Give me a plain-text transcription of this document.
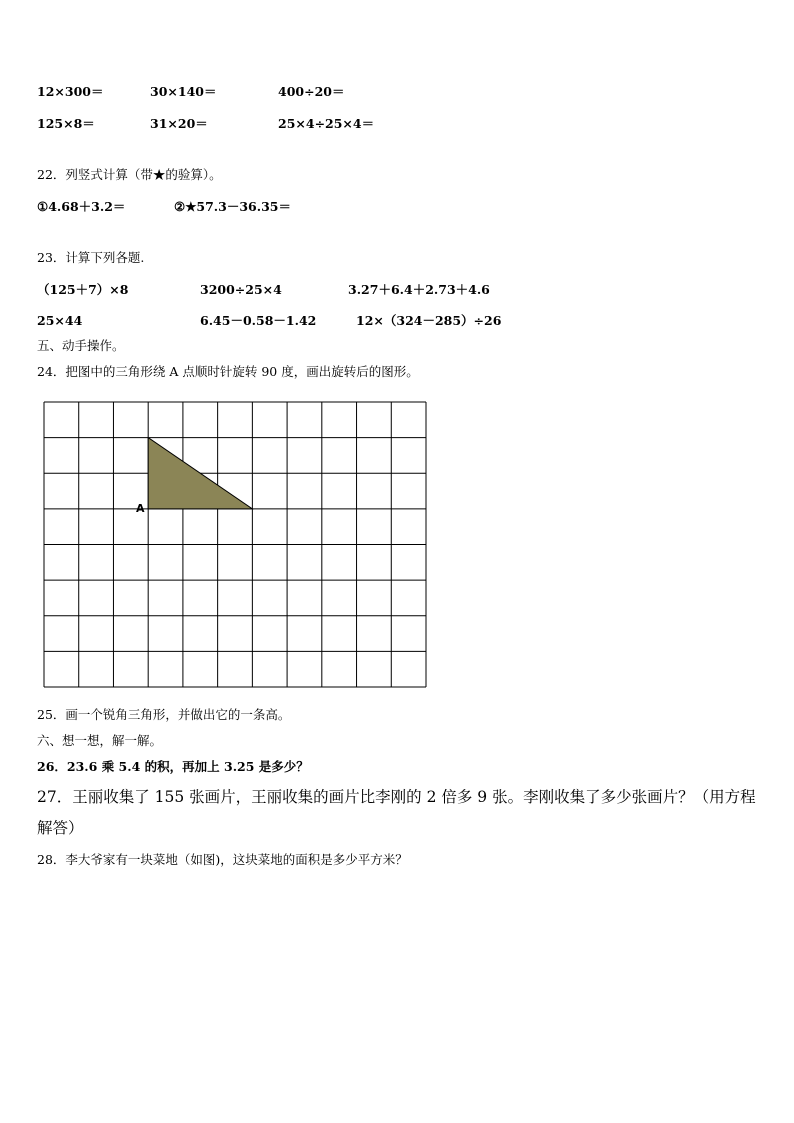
12×300＝	30×140＝	400÷20＝
125×8＝	31×20＝	25×4÷25×4＝
22．列竖式计算（带★的验算）。
①4.68＋3.2＝	②★57.3－36.35＝
23．计算下列各题.
（125＋7）×8	3200÷25×4	3.27＋6.4＋2.73＋4.6
25×44	6.45－0.58－1.42	12×（324－285）÷26
五、动手操作。
24．把图中的三角形绕 A 点顺时针旋转 90 度，画出旋转后的图形。
A
25．画一个锐角三角形，并做出它的一条高。
六、想一想，解一解。
26．23.6 乘 5.4 的积，再加上 3.25 是多少？
27．王丽收集了 155 张画片，王丽收集的画片比李刚的 2 倍多 9 张。李刚收集了多少张画片？（用方程
解答）
28．李大爷家有一块菜地（如图)，这块菜地的面积是多少平方米？
